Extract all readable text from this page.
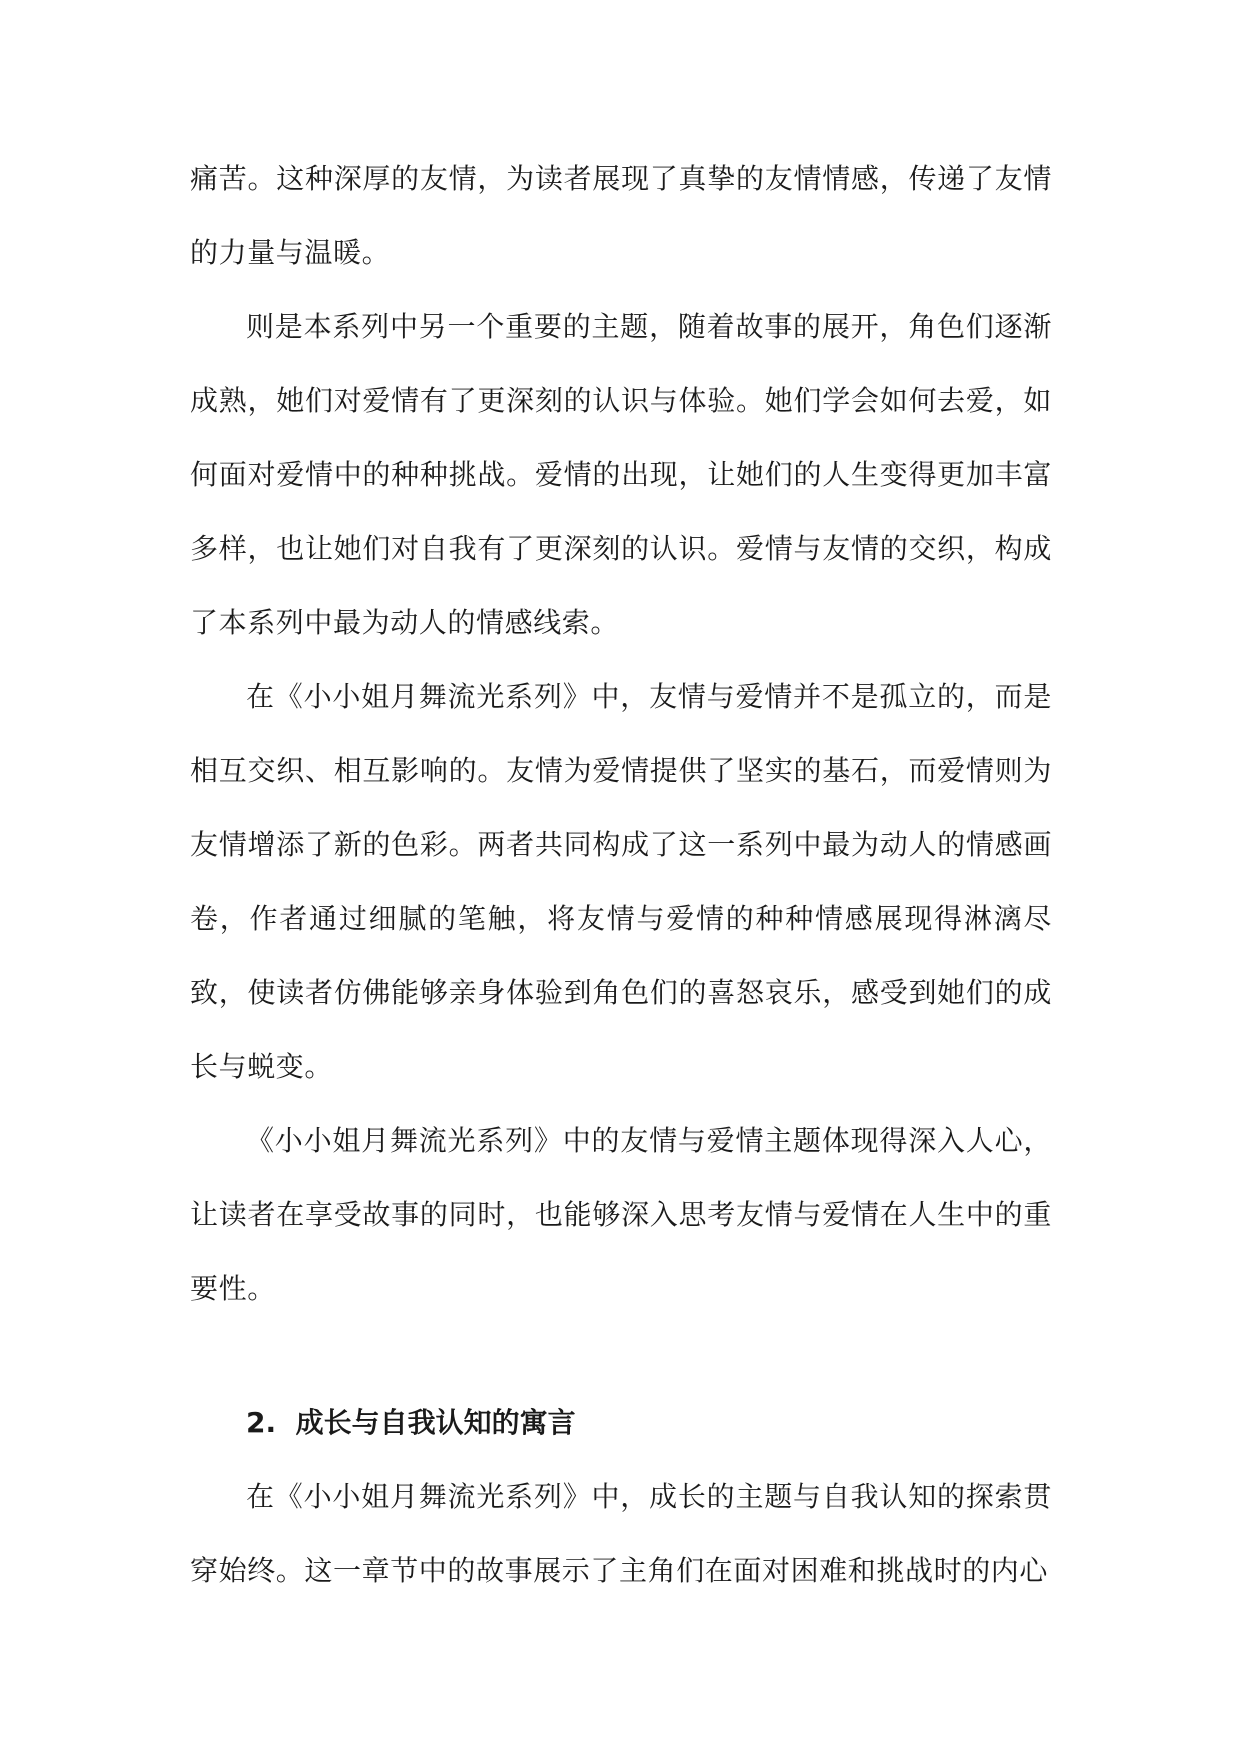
痛苦。这种深厚的友情，为读者展现了真挚的友情情感，传递了友情的力量与温暖。

则是本系列中另一个重要的主题，随着故事的展开，角色们逐渐成熟，她们对爱情有了更深刻的认识与体验。她们学会如何去爱，如何面对爱情中的种种挑战。爱情的出现，让她们的人生变得更加丰富多样，也让她们对自我有了更深刻的认识。爱情与友情的交织，构成了本系列中最为动人的情感线索。

在《小小姐月舞流光系列》中，友情与爱情并不是孤立的，而是相互交织、相互影响的。友情为爱情提供了坚实的基石，而爱情则为友情增添了新的色彩。两者共同构成了这一系列中最为动人的情感画卷，作者通过细腻的笔触，将友情与爱情的种种情感展现得淋漓尽致，使读者仿佛能够亲身体验到角色们的喜怒哀乐，感受到她们的成长与蜕变。

《小小姐月舞流光系列》中的友情与爱情主题体现得深入人心，让读者在享受故事的同时，也能够深入思考友情与爱情在人生中的重要性。

2. 成长与自我认知的寓言

在《小小姐月舞流光系列》中，成长的主题与自我认知的探索贯穿始终。这一章节中的故事展示了主角们在面对困难和挑战时的内心
